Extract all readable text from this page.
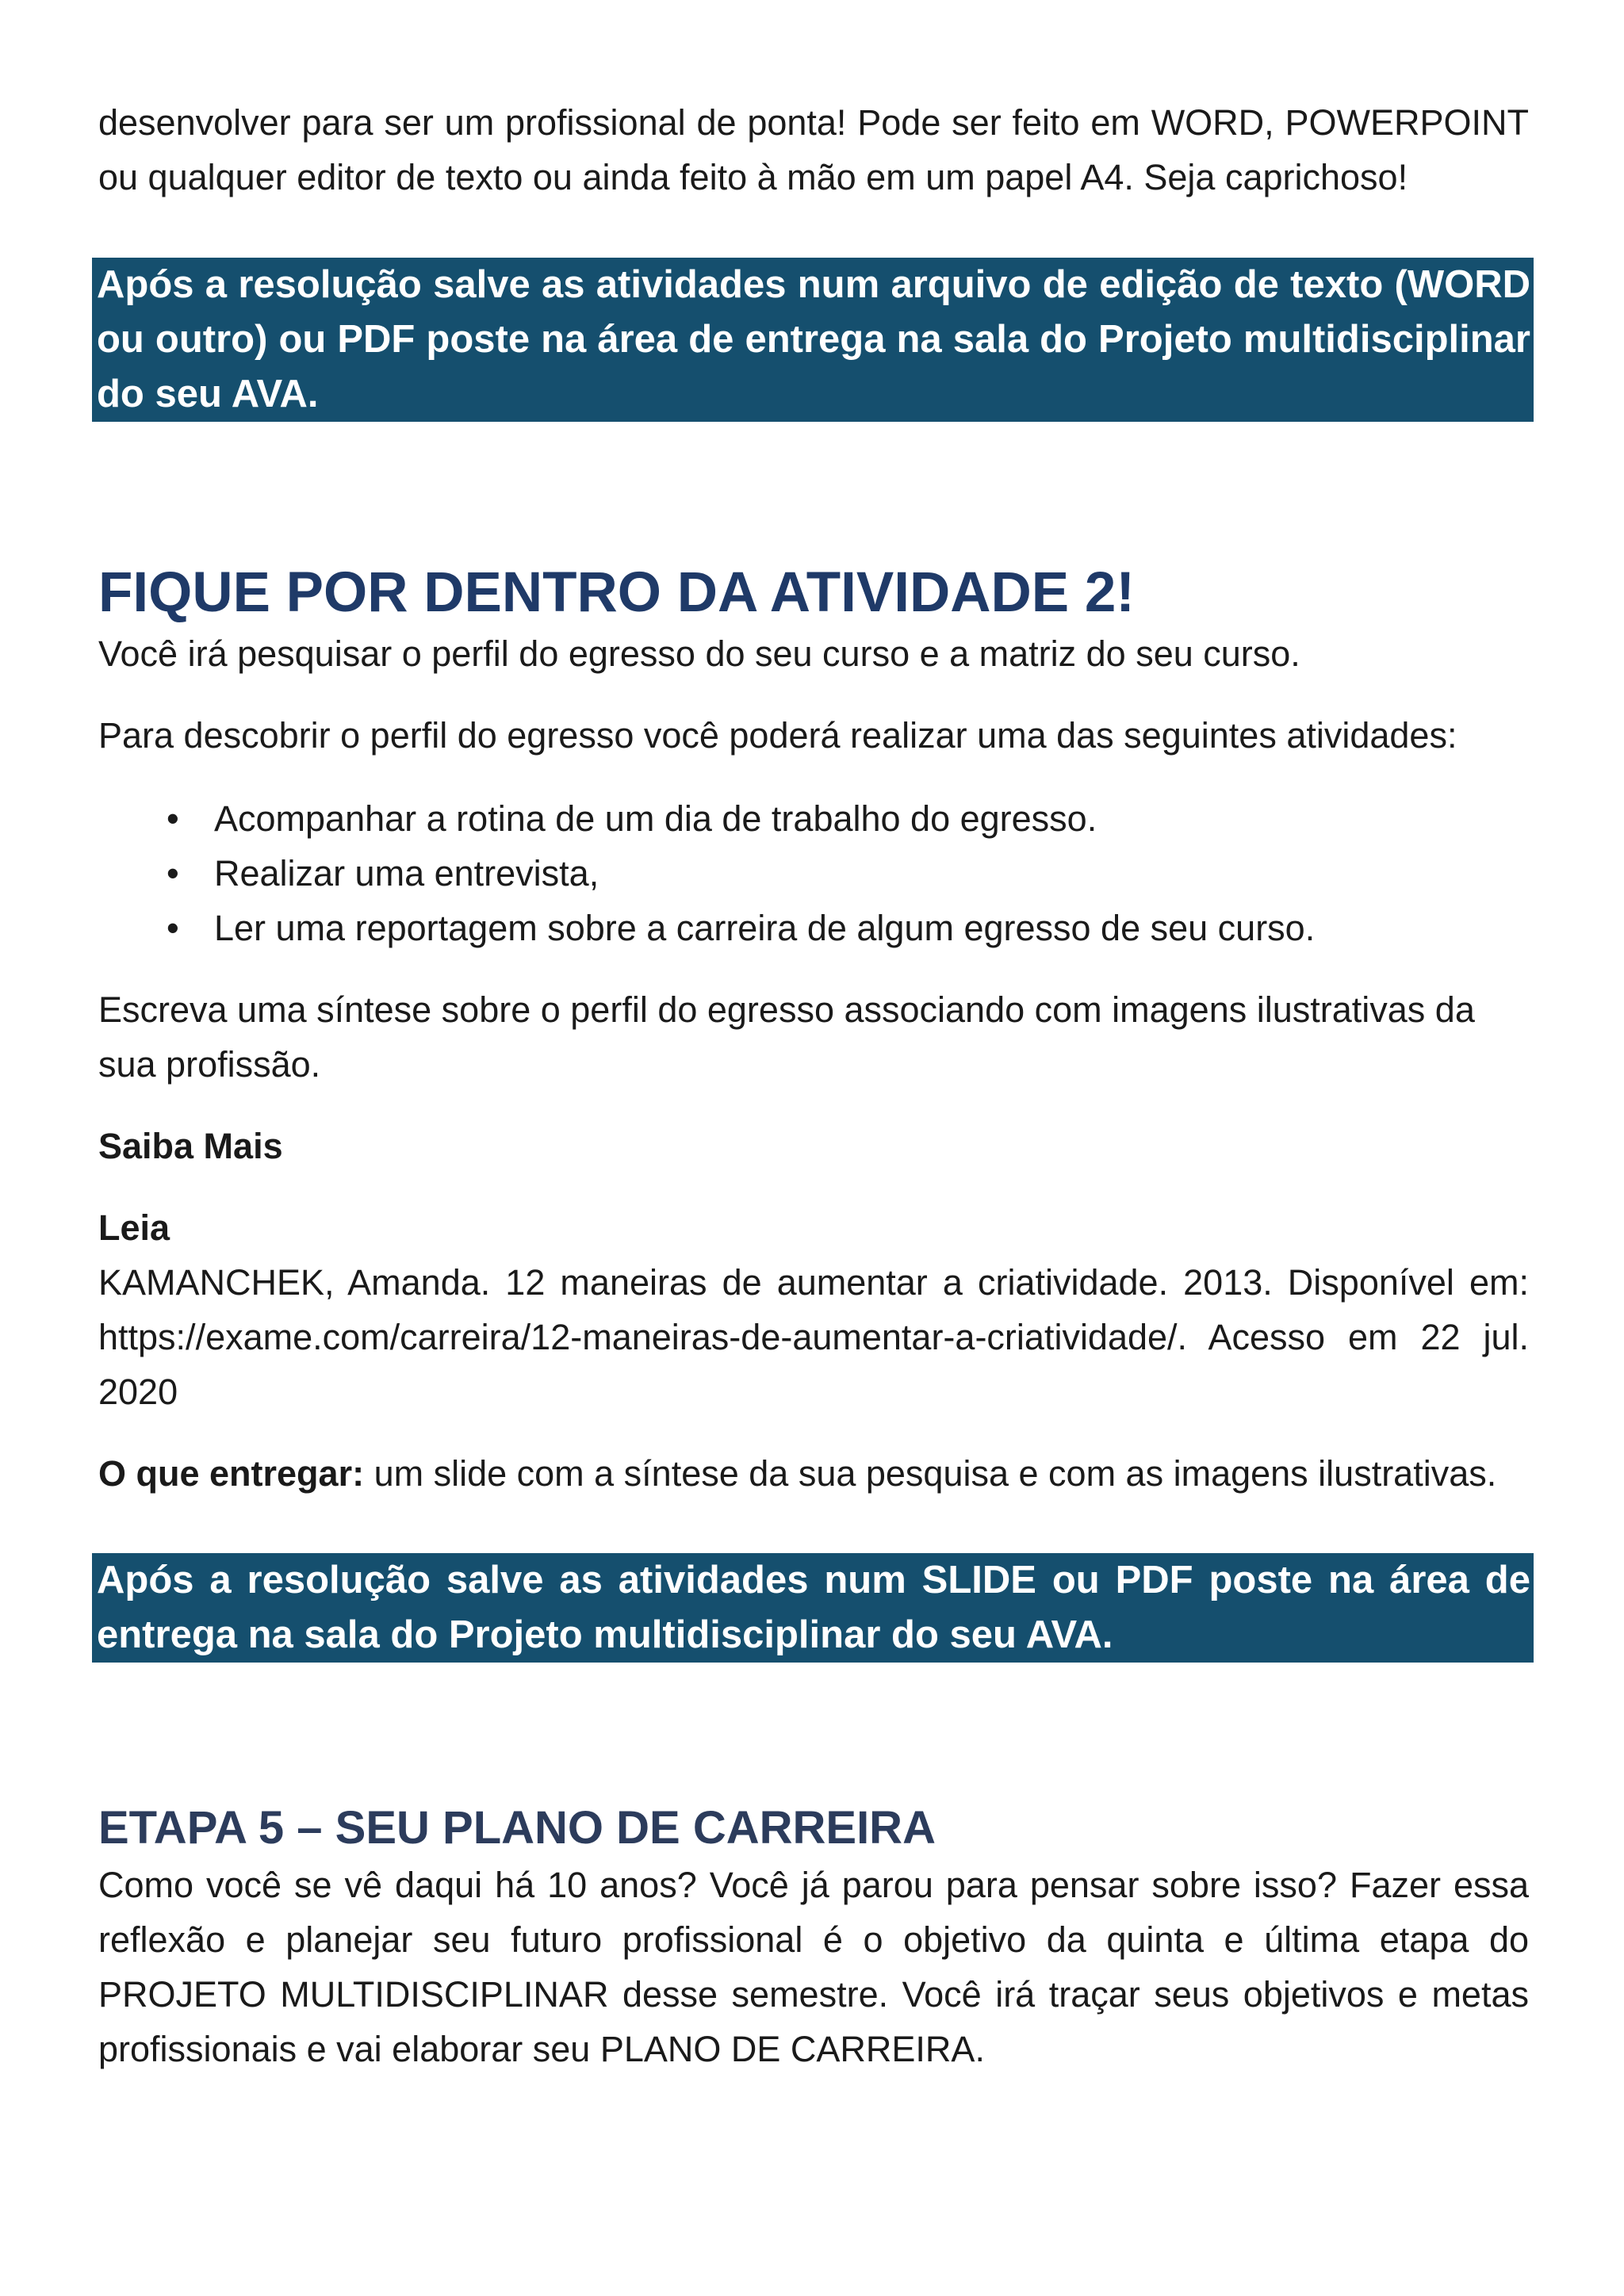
desenvolver para ser um profissional de ponta! Pode ser feito em WORD, POWERPOINT ou qualquer editor de texto ou ainda feito à mão em um papel A4. Seja caprichoso!

Após a resolução salve as atividades num arquivo de edição de texto (WORD ou outro) ou PDF poste na área de entrega na sala do Projeto multidisciplinar do seu AVA.
FIQUE POR DENTRO DA ATIVIDADE 2!

Você irá pesquisar o perfil do egresso do seu curso e a matriz do seu curso.

Para descobrir o perfil do egresso você poderá realizar uma das seguintes atividades:

• Acompanhar a rotina de um dia de trabalho do egresso.
• Realizar uma entrevista,
• Ler uma reportagem sobre a carreira de algum egresso de seu curso.

Escreva uma síntese sobre o perfil do egresso associando com imagens ilustrativas da sua profissão.

Saiba Mais

Leia

KAMANCHEK, Amanda. 12 maneiras de aumentar a criatividade. 2013. Disponível em: https://exame.com/carreira/12-maneiras-de-aumentar-a-criatividade/. Acesso em 22 jul. 2020

O que entregar: um slide com a síntese da sua pesquisa e com as imagens ilustrativas.

Após a resolução salve as atividades num SLIDE ou PDF poste na área de entrega na sala do Projeto multidisciplinar do seu AVA.
ETAPA 5 – SEU PLANO DE CARREIRA

Como você se vê daqui há 10 anos? Você já parou para pensar sobre isso? Fazer essa reflexão e planejar seu futuro profissional é o objetivo da quinta e última etapa do PROJETO MULTIDISCIPLINAR desse semestre. Você irá traçar seus objetivos e metas profissionais e vai elaborar seu PLANO DE CARREIRA.
